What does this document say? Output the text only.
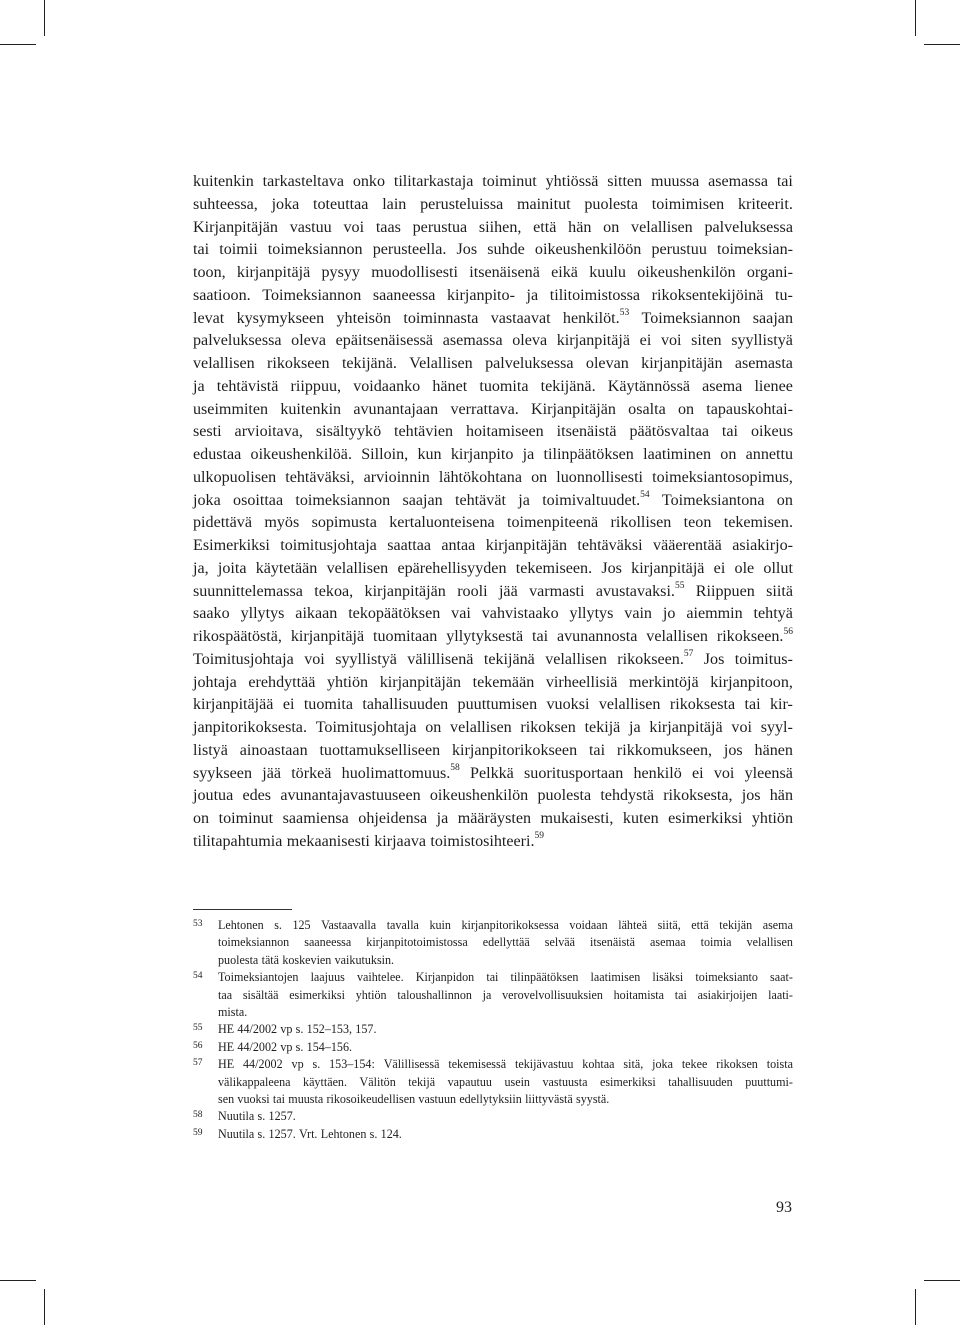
kuitenkin tarkasteltava onko tilitarkastaja toiminut yhtiössä sitten muussa asemassa tai
suhteessa, joka toteuttaa lain perusteluissa mainitut puolesta toimimisen kriteerit.
Kirjanpitäjän vastuu voi taas perustua siihen, että hän on velallisen palveluksessa
tai toimii toimeksiannon perusteella. Jos suhde oikeushenkilöön perustuu toimeksian-
toon, kirjanpitäjä pysyy muodollisesti itsenäisenä eikä kuulu oikeushenkilön organi-
saatioon. Toimeksiannon saaneessa kirjanpito- ja tilitoimistossa rikoksentekijöinä tu-
levat kysymykseen yhteisön toiminnasta vastaavat henkilöt.$^{53}$ Toimeksiannon saajan
palveluksessa oleva epäitsenäisessä asemassa oleva kirjanpitäjä ei voi siten syyllistyä
velallisen rikokseen tekijänä. Velallisen palveluksessa olevan kirjanpitäjän asemasta
ja tehtävistä riippuu, voidaanko hänet tuomita tekijänä. Käytännössä asema lienee
useimmiten kuitenkin avunantajaan verrattava. Kirjanpitäjän osalta on tapauskohtai-
sesti arvioitava, sisältyykö tehtävien hoitamiseen itsenäistä päätösvaltaa tai oikeus
edustaa oikeushenkilöä. Silloin, kun kirjanpito ja tilinpäätöksen laatiminen on annettu
ulkopuolisen tehtäväksi, arvioinnin lähtökohtana on luonnollisesti toimeksiantosopimus,
joka osoittaa toimeksiannon saajan tehtävät ja toimivaltuudet.$^{54}$ Toimeksiantona on
pidettävä myös sopimusta kertaluonteisena toimenpiteenä rikollisen teon tekemisen.
Esimerkiksi toimitusjohtaja saattaa antaa kirjanpitäjän tehtäväksi vääerentää asiakirjo-
ja, joita käytetään velallisen epärehellisyyden tekemiseen. Jos kirjanpitäjä ei ole ollut
suunnittelemassa tekoa, kirjanpitäjän rooli jää varmasti avustavaksi.$^{55}$ Riippuen siitä
saako yllytys aikaan tekopäätöksen vai vahvistaako yllytys vain jo aiemmin tehtyä
rikospäätöstä, kirjanpitäjä tuomitaan yllytyksestä tai avunannosta velallisen rikokseen.$^{56}$
Toimitusjohtaja voi syyllistyä välillisenä tekijänä velallisen rikokseen.$^{57}$ Jos toimitus-
johtaja erehdyttää yhtiön kirjanpitäjän tekemään virheellisiä merkintöjä kirjanpitoon,
kirjanpitäjää ei tuomita tahallisuuden puuttumisen vuoksi velallisen rikoksesta tai kir-
janpitorikoksesta. Toimitusjohtaja on velallisen rikoksen tekijä ja kirjanpitäjä voi syyl-
listyä ainoastaan tuottamukselliseen kirjanpitorikokseen tai rikkomukseen, jos hänen
syykseen jää törkeä huolimattomuus.$^{58}$ Pelkkä suoritusportaan henkilö ei voi yleensä
joutua edes avunantajavastuuseen oikeushenkilön puolesta tehdystä rikoksesta, jos hän
on toiminut saamiensa ohjeidensa ja määräysten mukaisesti, kuten esimerkiksi yhtiön
tilitapahtumia mekaanisesti kirjaava toimistosihteeri.$^{59}$
53 Lehtonen s. 125 Vastaavalla tavalla kuin kirjanpitorikoksessa voidaan lähteä siitä, että tekijän asema
toimeksiannon saaneessa kirjanpitotoimistossa edellyttää selvää itsenäistä asemaa toimia velallisen
puolesta tätä koskevien vaikutuksin.
54 Toimeksiantojen laajuus vaihtelee. Kirjanpidon tai tilinpäätöksen laatimisen lisäksi toimeksianto saat-
taa sisältää esimerkiksi yhtiön taloushallinnon ja verovelvollisuuksien hoitamista tai asiakirjoijen laati-
mista.
55 HE 44/2002 vp s. 152–153, 157.
56 HE 44/2002 vp s. 154–156.
57 HE 44/2002 vp s. 153–154: Välillisessä tekemisessä tekijävastuu kohtaa sitä, joka tekee rikoksen toista
välikappaleena käyttäen. Välitön tekijä vapautuu usein vastuusta esimerkiksi tahallisuuden puuttumi-
sen vuoksi tai muusta rikosoikeudellisen vastuun edellytyksiin liittyvästä syystä.
58 Nuutila s. 1257.
59 Nuutila s. 1257. Vrt. Lehtonen s. 124.
93
